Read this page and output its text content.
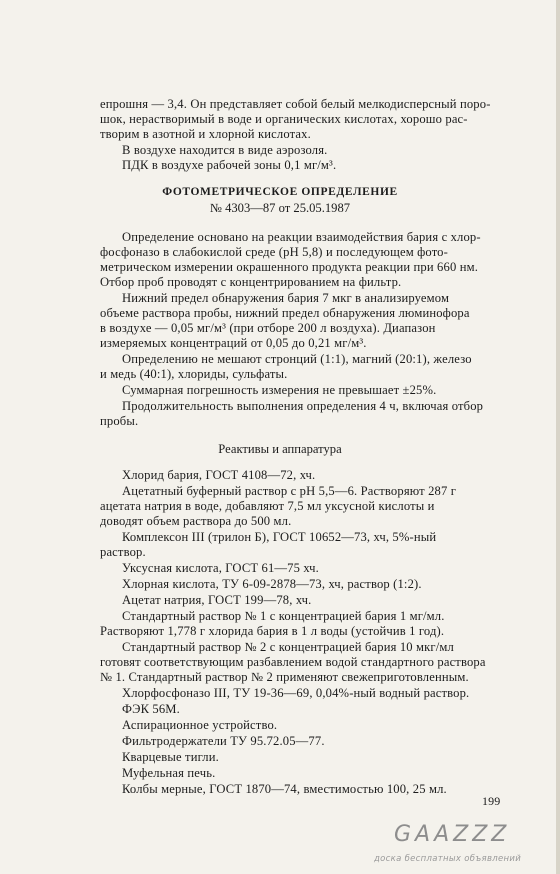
епрошня — 3,4. Он представляет собой белый мелкодисперсный поро-
шок, нерастворимый в воде и органических кислотах, хорошо рас-
творим в азотной и хлорной кислотах.
В воздухе находится в виде аэрозоля.
ПДК в воздухе рабочей зоны 0,1 мг/м³.
ФОТОМЕТРИЧЕСКОЕ ОПРЕДЕЛЕНИЕ
№ 4303—87 от 25.05.1987
Определение основано на реакции взаимодействия бария с хлор-
фосфоназо в слабокислой среде (pH 5,8) и последующем фото-
метрическом измерении окрашенного продукта реакции при 660 нм.
Отбор проб проводят с концентрированием на фильтр.
Нижний предел обнаружения бария 7 мкг в анализируемом
объеме раствора пробы, нижний предел обнаружения люминофора
в воздухе — 0,05 мг/м³ (при отборе 200 л воздуха). Диапазон
измеряемых концентраций от 0,05 до 0,21 мг/м³.
Определению не мешают стронций (1:1), магний (20:1), железо
и медь (40:1), хлориды, сульфаты.
Суммарная погрешность измерения не превышает ±25%.
Продолжительность выполнения определения 4 ч, включая отбор
пробы.
Реактивы и аппаратура
Хлорид бария, ГОСТ 4108—72, хч.
Ацетатный буферный раствор с pH 5,5—6. Растворяют 287 г
ацетата натрия в воде, добавляют 7,5 мл уксусной кислоты и
доводят объем раствора до 500 мл.
Комплексон III (трилон Б), ГОСТ 10652—73, хч, 5%-ный
раствор.
Уксусная кислота, ГОСТ 61—75 хч.
Хлорная кислота, ТУ 6-09-2878—73, хч, раствор (1:2).
Ацетат натрия, ГОСТ 199—78, хч.
Стандартный раствор № 1 с концентрацией бария 1 мг/мл.
Растворяют 1,778 г хлорида бария в 1 л воды (устойчив 1 год).
Стандартный раствор № 2 с концентрацией бария 10 мкг/мл
готовят соответствующим разбавлением водой стандартного раствора
№ 1. Стандартный раствор № 2 применяют свежеприготовленным.
Хлорфосфоназо III, ТУ 19-36—69, 0,04%-ный водный раствор.
ФЭК 56М.
Аспирационное устройство.
Фильтродержатели ТУ 95.72.05—77.
Кварцевые тигли.
Муфельная печь.
Колбы мерные, ГОСТ 1870—74, вместимостью 100, 25 мл.
199
GAAZZZ
доска бесплатных объявлений
